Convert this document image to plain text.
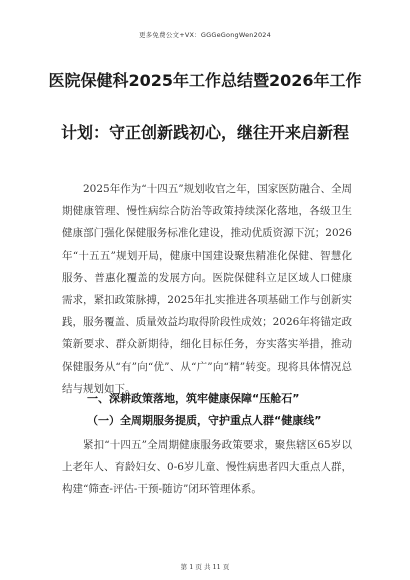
更多免费公文+VX：GGGeGongWen2024
医院保健科2025年工作总结暨2026年工作
计划：守正创新践初心，继往开来启新程

2025年作为“十四五”规划收官之年，国家医防融合、全周期健康管理、慢性病综合防治等政策持续深化落地，各级卫生健康部门强化保健服务标准化建设，推动优质资源下沉；2026年“十五五”规划开局，健康中国建设聚焦精准化保健、智慧化服务、普惠化覆盖的发展方向。医院保健科立足区域人口健康需求，紧扣政策脉搏，2025年扎实推进各项基础工作与创新实践，服务覆盖、质量效益均取得阶段性成效；2026年将锚定政策新要求、群众新期待，细化目标任务，夯实落实举措，推动保健服务从“有”向“优”、从“广”向“精”转变。现将具体情况总结与规划如下。

一、深耕政策落地，筑牢健康保障“压舱石”
（一）全周期服务提质，守护重点人群“健康线”

紧扣“十四五”全周期健康服务政策要求，聚焦辖区65岁以上老年人、育龄妇女、0-6岁儿童、慢性病患者四大重点人群，构建“筛查-评估-干预-随访”闭环管理体系。

第 1 页 共 11 页
